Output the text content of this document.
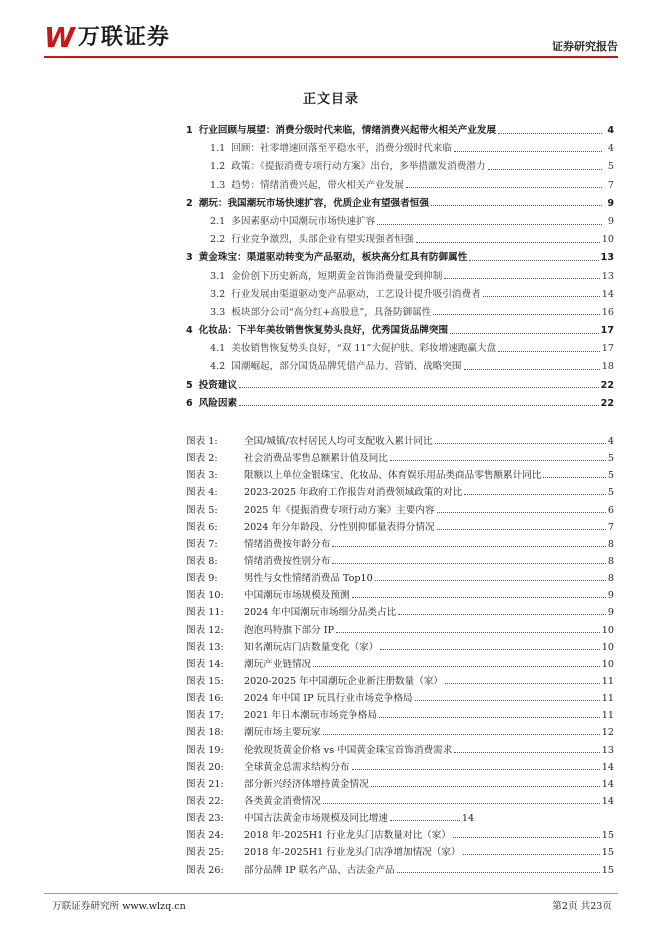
W 万联证券	证券研究报告
正文目录
1 行业回顾与展望：消费分级时代来临，情绪消费兴起带火相关产业发展	4
1.1 回顾：社零增速回落至平稳水平，消费分级时代来临	4
1.2 政策：《提振消费专项行动方案》出台，多举措激发消费潜力	5
1.3 趋势：情绪消费兴起，带火相关产业发展	7
2 潮玩：我国潮玩市场快速扩容，优质企业有望强者恒强	9
2.1 多因素驱动中国潮玩市场快速扩容	9
2.2 行业竞争激烈，头部企业有望实现强者恒强	10
3 黄金珠宝：渠道驱动转变为产品驱动，板块高分红具有防御属性	13
3.1 金价创下历史新高，短期黄金首饰消费量受到抑制	13
3.2 行业发展由渠道驱动变产品驱动，工艺设计提升吸引消费者	14
3.3 板块部分公司“高分红+高股息”，具备防御属性	16
4 化妆品：下半年美妆销售恢复势头良好，优秀国货品牌突围	17
4.1 美妆销售恢复势头良好，“双 11”大促护肤、彩妆增速跑赢大盘	17
4.2 国潮崛起，部分国货品牌凭借产品力、营销、战略突围	18
5 投资建议	22
6 风险因素	22
图表 1:	全国/城镇/农村居民人均可支配收入累计同比	4
图表 2:	社会消费品零售总额累计值及同比	5
图表 3:	限额以上单位金银珠宝、化妆品、体育娱乐用品类商品零售额累计同比	5
图表 4:	2023-2025 年政府工作报告对消费领域政策的对比	5
图表 5:	2025 年《提振消费专项行动方案》主要内容	6
图表 6:	2024 年分年龄段、分性别抑郁量表得分情况	7
图表 7:	情绪消费按年龄分布	8
图表 8:	情绪消费按性别分布	8
图表 9:	男性与女性情绪消费品 Top10	8
图表 10:	中国潮玩市场规模及预测	9
图表 11:	2024 年中国潮玩市场细分品类占比	9
图表 12:	泡泡玛特旗下部分 IP	10
图表 13:	知名潮玩店门店数量变化（家）	10
图表 14:	潮玩产业链情况	10
图表 15:	2020-2025 年中国潮玩企业新注册数量（家）	11
图表 16:	2024 年中国 IP 玩具行业市场竞争格局	11
图表 17:	2021 年日本潮玩市场竞争格局	11
图表 18:	潮玩市场主要玩家	12
图表 19:	伦敦现货黄金价格 vs 中国黄金珠宝首饰消费需求	13
图表 20:	全球黄金总需求结构分布	14
图表 21:	部分新兴经济体增持黄金情况	14
图表 22:	各类黄金消费情况	14
图表 23:	中国古法黄金市场规模及同比增速	14
图表 24:	2018 年-2025H1 行业龙头门店数量对比（家）	15
图表 25:	2018 年-2025H1 行业龙头门店净增加情况（家）	15
图表 26:	部分品牌 IP 联名产品、古法金产品	15
万联证券研究所 www.wlzq.cn	第2页 共23页
